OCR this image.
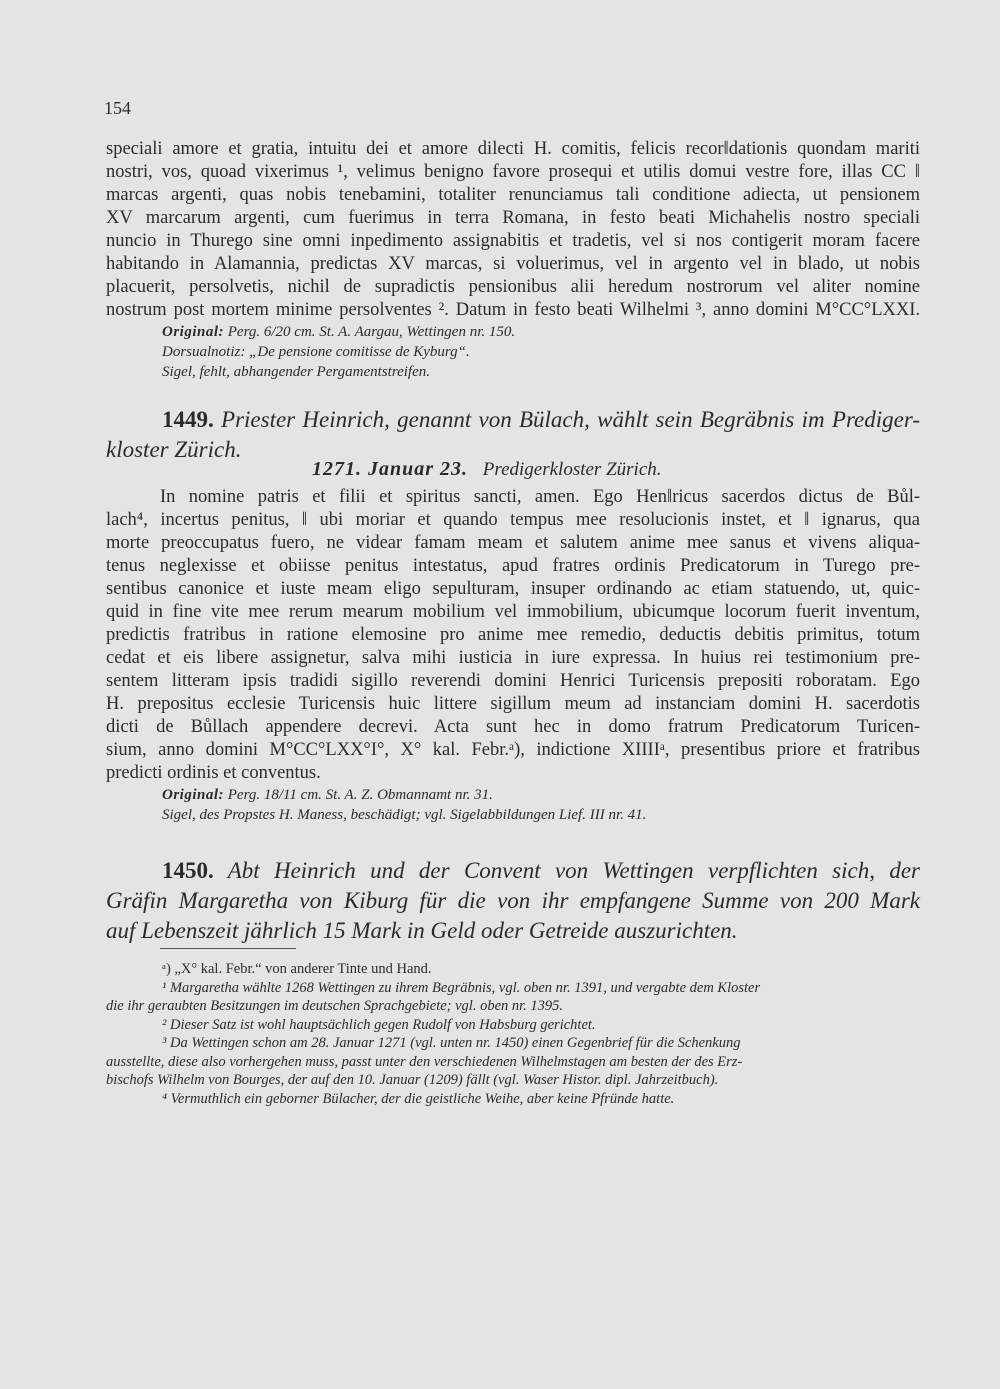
154
speciali amore et gratia, intuitu dei et amore dilecti H. comitis, felicis recor‖dationis quondam mariti
nostri, vos, quoad vixerimus ¹, velimus benigno favore prosequi et utilis domui vestre fore, illas CC ‖
marcas argenti, quas nobis tenebamini, totaliter renunciamus tali conditione adiecta, ut pensionem
XV marcarum argenti, cum fuerimus in terra Romana, in festo beati Michahelis nostro speciali
nuncio in Thurego sine omni inpedimento assignabitis et tradetis, vel si nos contigerit moram facere
habitando in Alamannia, predictas XV marcas, si voluerimus, vel in argento vel in blado, ut nobis
placuerit, persolvetis, nichil de supradictis pensionibus alii heredum nostrorum vel aliter nomine
nostrum post mortem minime persolventes ². Datum in festo beati Wilhelmi ³, anno domini M°CC°LXXI.
Original: Perg. 6/20 cm. St. A. Aargau, Wettingen nr. 150.
Dorsualnotiz: „De pensione comitisse de Kyburg“.
Sigel, fehlt, abhangender Pergamentstreifen.
1449. Priester Heinrich, genannt von Bülach, wählt sein Begräbnis im Prediger-
kloster Zürich.
1271. Januar 23. Predigerkloster Zürich.
In nomine patris et filii et spiritus sancti, amen. Ego Hen‖ricus sacerdos dictus de Bůl-
lach⁴, incertus penitus, ‖ ubi moriar et quando tempus mee resolucionis instet, et ‖ ignarus, qua
morte preoccupatus fuero, ne videar famam meam et salutem anime mee sanus et vivens aliqua-
tenus neglexisse et obiisse penitus intestatus, apud fratres ordinis Predicatorum in Turego pre-
sentibus canonice et iuste meam eligo sepulturam, insuper ordinando ac etiam statuendo, ut, quic-
quid in fine vite mee rerum mearum mobilium vel immobilium, ubicumque locorum fuerit inventum,
predictis fratribus in ratione elemosine pro anime mee remedio, deductis debitis primitus, totum
cedat et eis libere assignetur, salva mihi iusticia in iure expressa. In huius rei testimonium pre-
sentem litteram ipsis tradidi sigillo reverendi domini Henrici Turicensis prepositi roboratam. Ego
H. prepositus ecclesie Turicensis huic littere sigillum meum ad instanciam domini H. sacerdotis
dicti de Bůllach appendere decrevi. Acta sunt hec in domo fratrum Predicatorum Turicen-
sium, anno domini M°CC°LXX°I°, X° kal. Febr.ᵃ), indictione XIIIIᵃ, presentibus priore et fratribus
predicti ordinis et conventus.
Original: Perg. 18/11 cm. St. A. Z. Obmannamt nr. 31.
Sigel, des Propstes H. Maness, beschädigt; vgl. Sigelabbildungen Lief. III nr. 41.
1450. Abt Heinrich und der Convent von Wettingen verpflichten sich, der
Gräfin Margaretha von Kiburg für die von ihr empfangene Summe von 200 Mark
auf Lebenszeit jährlich 15 Mark in Geld oder Getreide auszurichten.
ᵃ) „X° kal. Febr.“ von anderer Tinte und Hand.
¹ Margaretha wählte 1268 Wettingen zu ihrem Begräbnis, vgl. oben nr. 1391, und vergabte dem Kloster
die ihr geraubten Besitzungen im deutschen Sprachgebiete; vgl. oben nr. 1395.
² Dieser Satz ist wohl hauptsächlich gegen Rudolf von Habsburg gerichtet.
³ Da Wettingen schon am 28. Januar 1271 (vgl. unten nr. 1450) einen Gegenbrief für die Schenkung
ausstellte, diese also vorhergehen muss, passt unter den verschiedenen Wilhelmstagen am besten der des Erz-
bischofs Wilhelm von Bourges, der auf den 10. Januar (1209) fällt (vgl. Waser Histor. dipl. Jahrzeitbuch).
⁴ Vermuthlich ein geborner Bülacher, der die geistliche Weihe, aber keine Pfründe hatte.
